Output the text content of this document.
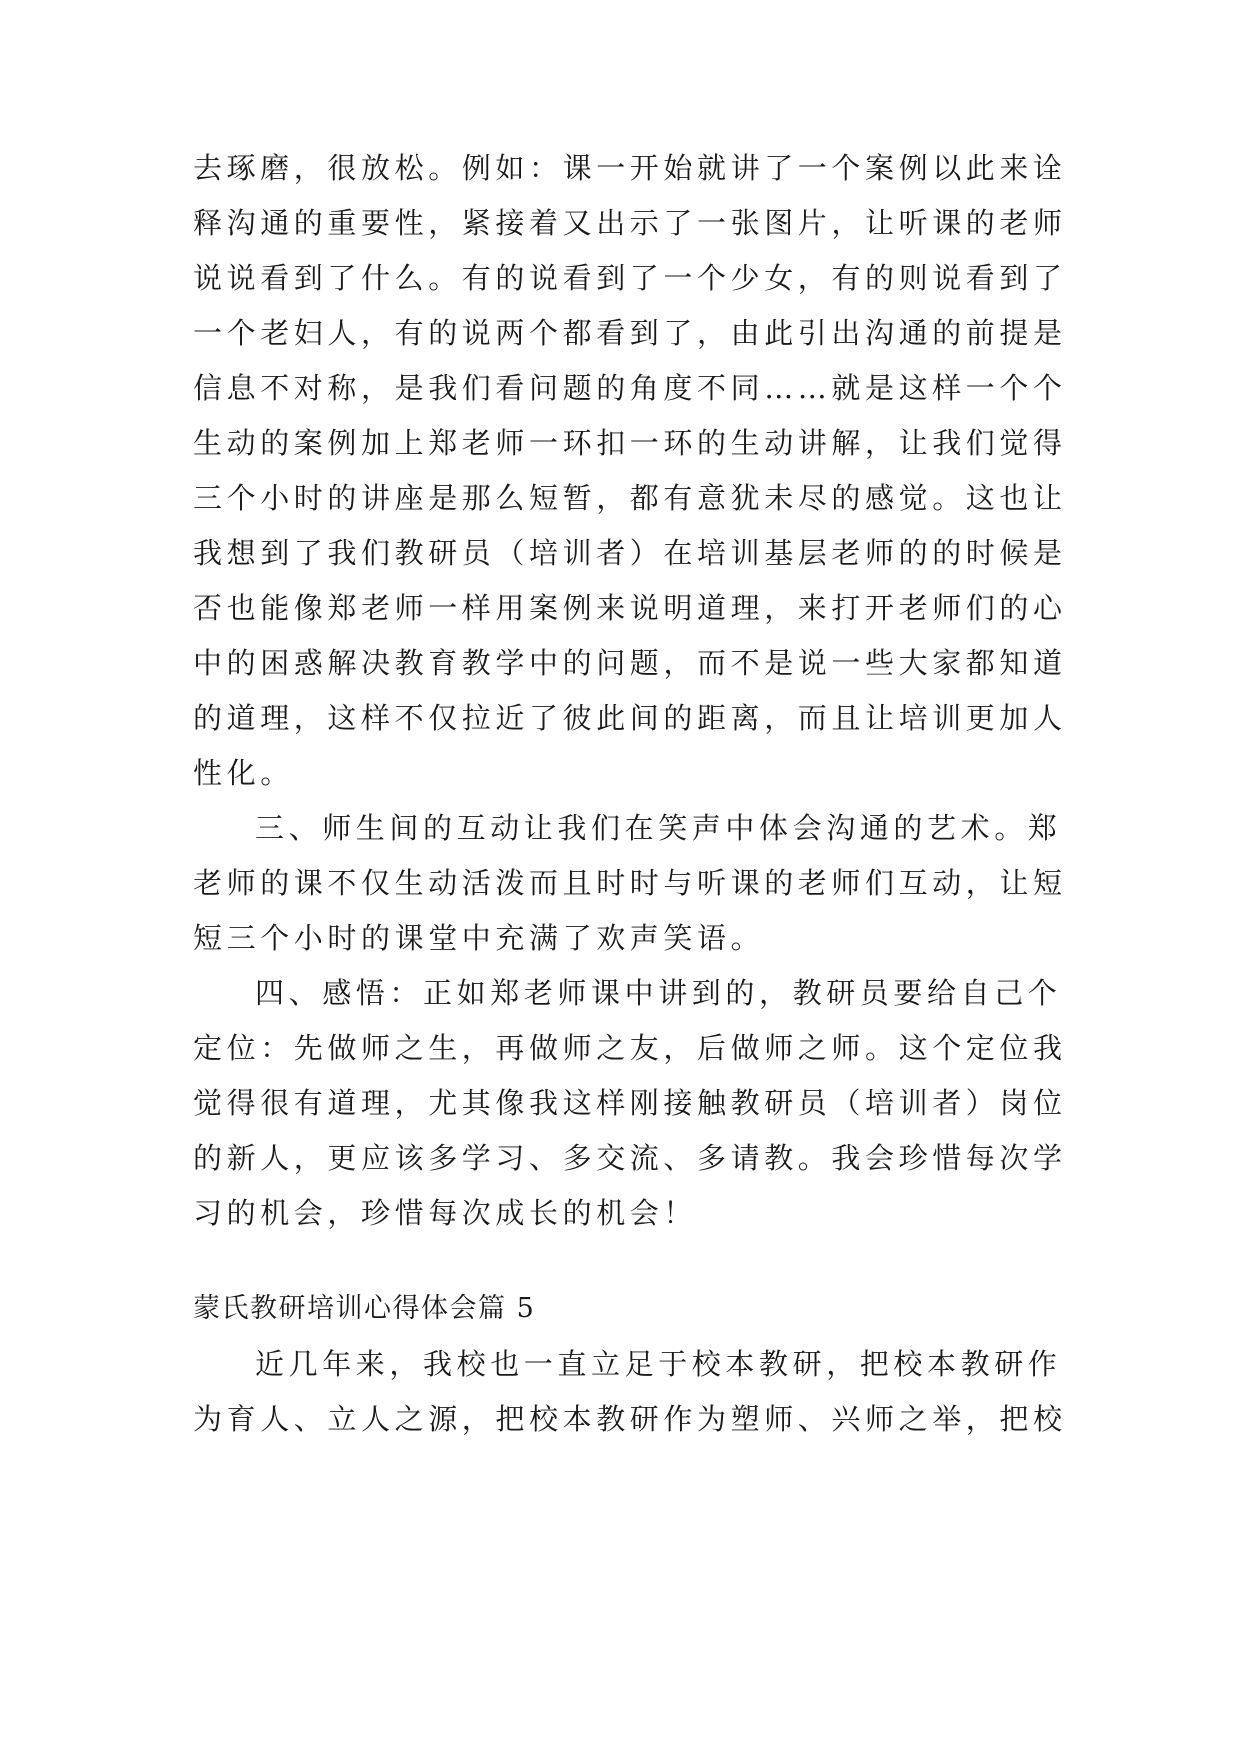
去琢磨，很放松。例如：课一开始就讲了一个案例以此来诠
释沟通的重要性，紧接着又出示了一张图片，让听课的老师
说说看到了什么。有的说看到了一个少女，有的则说看到了
一个老妇人，有的说两个都看到了，由此引出沟通的前提是
信息不对称，是我们看问题的角度不同……就是这样一个个
生动的案例加上郑老师一环扣一环的生动讲解，让我们觉得
三个小时的讲座是那么短暂，都有意犹未尽的感觉。这也让
我想到了我们教研员（培训者）在培训基层老师的的时候是
否也能像郑老师一样用案例来说明道理，来打开老师们的心
中的困惑解决教育教学中的问题，而不是说一些大家都知道
的道理，这样不仅拉近了彼此间的距离，而且让培训更加人
性化。
三、师生间的互动让我们在笑声中体会沟通的艺术。郑
老师的课不仅生动活泼而且时时与听课的老师们互动，让短
短三个小时的课堂中充满了欢声笑语。
四、感悟：正如郑老师课中讲到的，教研员要给自己个
定位：先做师之生，再做师之友，后做师之师。这个定位我
觉得很有道理，尤其像我这样刚接触教研员（培训者）岗位
的新人，更应该多学习、多交流、多请教。我会珍惜每次学
习的机会，珍惜每次成长的机会！
蒙氏教研培训心得体会篇 5
近几年来，我校也一直立足于校本教研，把校本教研作
为育人、立人之源，把校本教研作为塑师、兴师之举，把校
